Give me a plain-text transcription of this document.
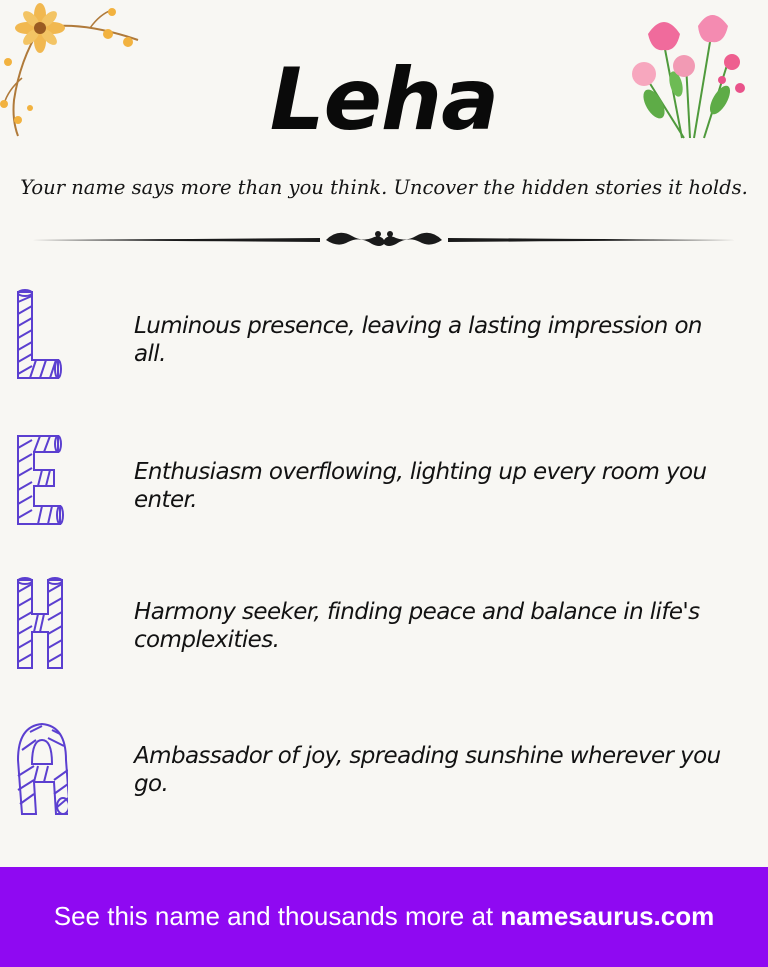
Leha
Your name says more than you think. Uncover the hidden stories it holds.
Luminous presence, leaving a lasting impression on all.
Enthusiasm overflowing, lighting up every room you enter.
Harmony seeker, finding peace and balance in life's complexities.
Ambassador of joy, spreading sunshine wherever you go.
See this name and thousands more at namesaurus.com
